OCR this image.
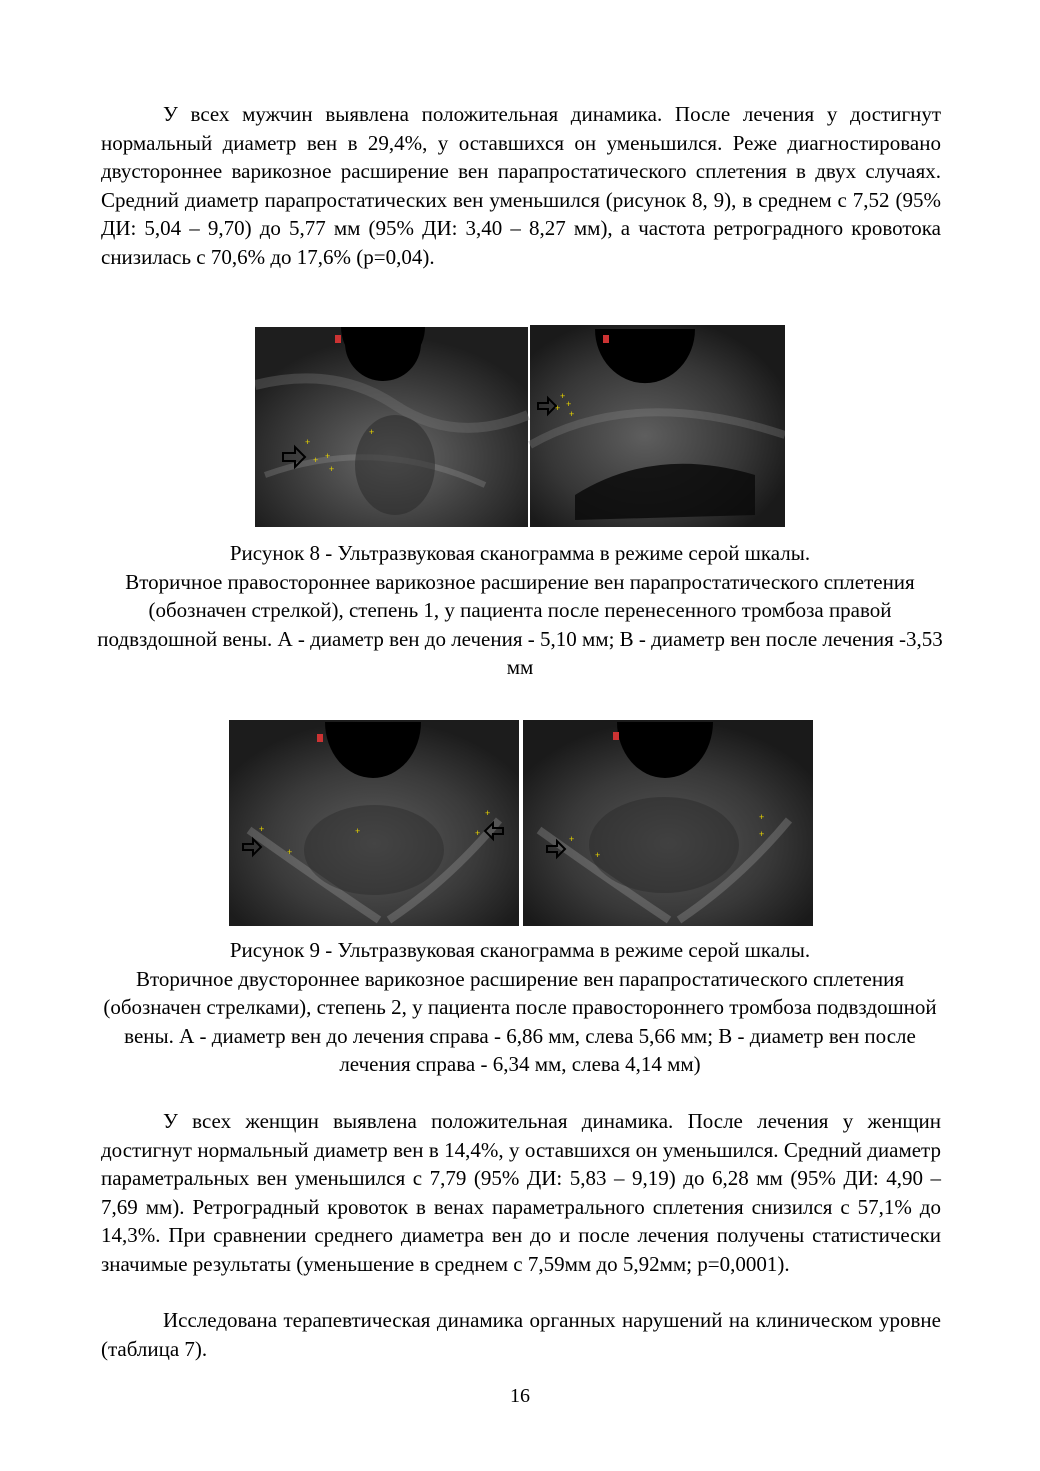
У всех мужчин выявлена положительная динамика. После лечения у достигнут нормальный диаметр вен в 29,4%, у оставшихся он уменьшился. Реже диагностировано двустороннее варикозное расширение вен парапростатического сплетения в двух случаях. Средний диаметр парапростатических вен уменьшился (рисунок 8, 9), в среднем с 7,52 (95% ДИ: 5,04 – 9,70) до 5,77 мм (95% ДИ: 3,40 – 8,27 мм), а частота ретроградного кровотока снизилась с 70,6% до 17,6% (p=0,04).

+
+ +
+
+
+
+
+
+

Рисунок 8 - Ультразвуковая сканограмма в режиме серой шкалы.
Вторичное правостороннее варикозное расширение вен парапростатического сплетения (обозначен стрелкой), степень 1, у пациента после перенесенного тромбоза правой подвздошной вены. А - диаметр вен до лечения - 5,10 мм; В - диаметр вен после лечения -3,53 мм

+
+
+
+
+
+
+
+
+

Рисунок 9 - Ультразвуковая сканограмма в режиме серой шкалы.
Вторичное двустороннее варикозное расширение вен парапростатического сплетения (обозначен стрелками), степень 2, у пациента после правостороннего тромбоза подвздошной вены. А - диаметр вен до лечения справа - 6,86 мм, слева 5,66 мм; В - диаметр вен после лечения справа - 6,34 мм, слева 4,14 мм)

У всех женщин выявлена положительная динамика. После лечения у женщин достигнут нормальный диаметр вен в 14,4%, у оставшихся он уменьшился. Средний диаметр параметральных вен уменьшился с 7,79 (95% ДИ: 5,83 – 9,19) до 6,28 мм (95% ДИ: 4,90 – 7,69 мм). Ретроградный кровоток в венах параметрального сплетения снизился с 57,1% до 14,3%. При сравнении среднего диаметра вен до и после лечения получены статистически значимые результаты (уменьшение в среднем с 7,59мм до 5,92мм; p=0,0001).

Исследована терапевтическая динамика органных нарушений на клиническом уровне (таблица 7).

16
